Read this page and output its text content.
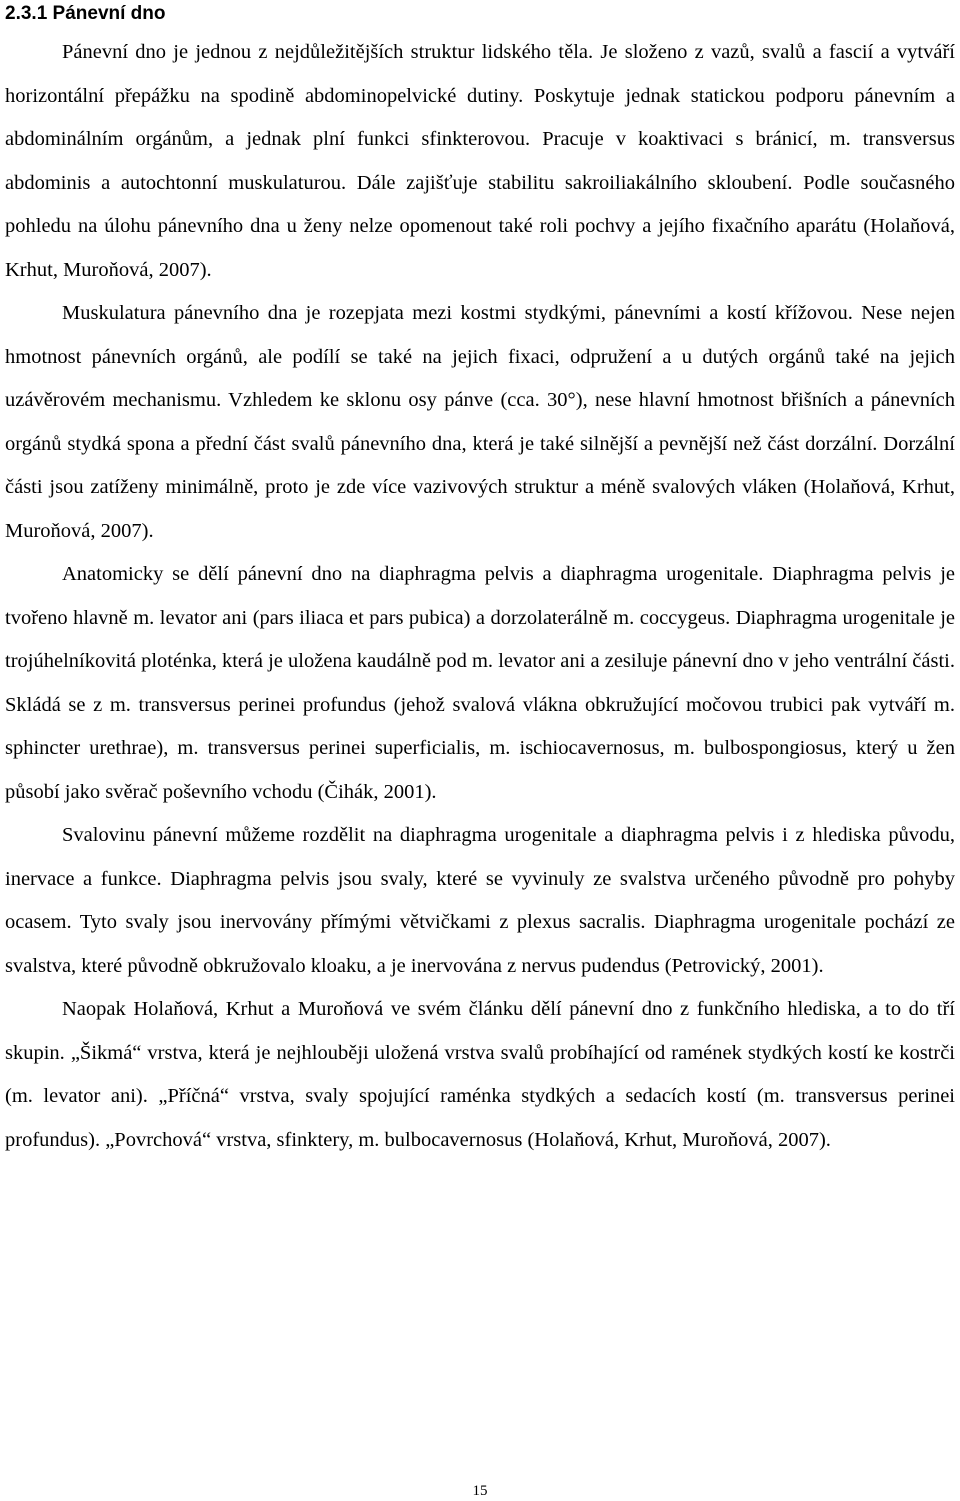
2.3.1 Pánevní dno

Pánevní dno je jednou z nejdůležitějších struktur lidského těla. Je složeno z vazů, svalů a fascií a vytváří horizontální přepážku na spodině abdominopelvické dutiny. Poskytuje jednak statickou podporu pánevním a abdominálním orgánům, a jednak plní funkci sfinkterovou. Pracuje v koaktivaci s bránicí, m. transversus abdominis a autochtonní muskulaturou. Dále zajišťuje stabilitu sakroiliakálního skloubení. Podle současného pohledu na úlohu pánevního dna u ženy nelze opomenout také roli pochvy a jejího fixačního aparátu (Holaňová, Krhut, Muroňová, 2007).

Muskulatura pánevního dna je rozepjata mezi kostmi stydkými, pánevními a kostí křížovou. Nese nejen hmotnost pánevních orgánů, ale podílí se také na jejich fixaci, odpružení a u dutých orgánů také na jejich uzávěrovém mechanismu. Vzhledem ke sklonu osy pánve (cca. 30°), nese hlavní hmotnost břišních a pánevních orgánů stydká spona a přední část svalů pánevního dna, která je také silnější a pevnější než část dorzální. Dorzální části jsou zatíženy minimálně, proto je zde více vazivových struktur a méně svalových vláken (Holaňová, Krhut, Muroňová, 2007).

Anatomicky se dělí pánevní dno na diaphragma pelvis a diaphragma urogenitale. Diaphragma pelvis je tvořeno hlavně m. levator ani (pars iliaca et pars pubica) a dorzolaterálně m. coccygeus. Diaphragma urogenitale je trojúhelníkovitá ploténka, která je uložena kaudálně pod m. levator ani a zesiluje pánevní dno v jeho ventrální části. Skládá se z m. transversus perinei profundus (jehož svalová vlákna obkružující močovou trubici pak vytváří m. sphincter urethrae), m. transversus perinei superficialis, m. ischiocavernosus, m. bulbospongiosus, který u žen působí jako svěrač poševního vchodu (Čihák, 2001).

Svalovinu pánevní můžeme rozdělit na diaphragma urogenitale a diaphragma pelvis i z hlediska původu, inervace a funkce. Diaphragma pelvis jsou svaly, které se vyvinuly ze svalstva určeného původně pro pohyby ocasem. Tyto svaly jsou inervovány přímými větvičkami z plexus sacralis. Diaphragma urogenitale pochází ze svalstva, které původně obkružovalo kloaku, a je inervována z nervus pudendus (Petrovický, 2001).

Naopak Holaňová, Krhut a Muroňová ve svém článku dělí pánevní dno z funkčního hlediska, a to do tří skupin. „Šikmá“ vrstva, která je nejhlouběji uložená vrstva svalů probíhající od ramének stydkých kostí ke kostrči (m. levator ani). „Příčná“ vrstva, svaly spojující raménka stydkých a sedacích kostí (m. transversus perinei profundus). „Povrchová“ vrstva, sfinktery, m. bulbocavernosus (Holaňová, Krhut, Muroňová, 2007).

15
